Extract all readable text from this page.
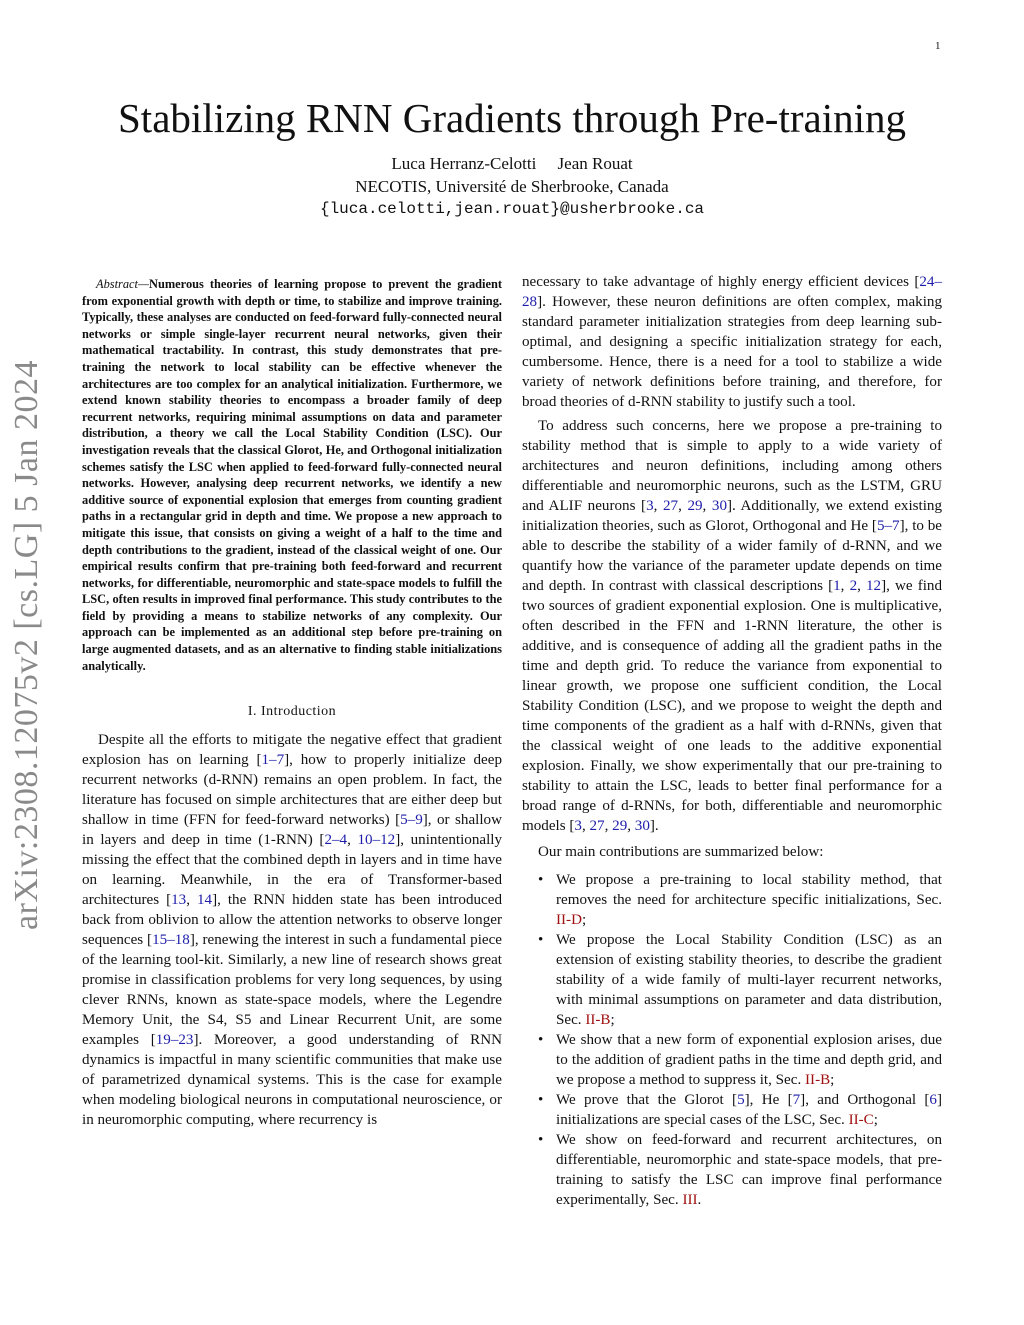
1
arXiv:2308.12075v2 [cs.LG] 5 Jan 2024
Stabilizing RNN Gradients through Pre-training
Luca Herranz-Celotti     Jean Rouat
NECOTIS, Université de Sherbrooke, Canada
{luca.celotti,jean.rouat}@usherbrooke.ca

Abstract—Numerous theories of learning propose to prevent the gradient from exponential growth with depth or time, to stabilize and improve training. Typically, these analyses are conducted on feed-forward fully-connected neural networks or simple single-layer recurrent neural networks, given their mathematical tractability. In contrast, this study demonstrates that pre-training the network to local stability can be effective whenever the architectures are too complex for an analytical initialization. Furthermore, we extend known stability theories to encompass a broader family of deep recurrent networks, requiring minimal assumptions on data and parameter distribution, a theory we call the Local Stability Condition (LSC). Our investigation reveals that the classical Glorot, He, and Orthogonal initialization schemes satisfy the LSC when applied to feed-forward fully-connected neural networks. However, analysing deep recurrent networks, we identify a new additive source of exponential explosion that emerges from counting gradient paths in a rectangular grid in depth and time. We propose a new approach to mitigate this issue, that consists on giving a weight of a half to the time and depth contributions to the gradient, instead of the classical weight of one. Our empirical results confirm that pre-training both feed-forward and recurrent networks, for differentiable, neuromorphic and state-space models to fulfill the LSC, often results in improved final performance. This study contributes to the field by providing a means to stabilize networks of any complexity. Our approach can be implemented as an additional step before pre-training on large augmented datasets, and as an alternative to finding stable initializations analytically.

I. Introduction

Despite all the efforts to mitigate the negative effect that gradient explosion has on learning [1–7], how to properly initialize deep recurrent networks (d-RNN) remains an open problem. In fact, the literature has focused on simple architectures that are either deep but shallow in time (FFN for feed-forward networks) [5–9], or shallow in layers and deep in time (1-RNN) [2–4, 10–12], unintentionally missing the effect that the combined depth in layers and in time have on learning. Meanwhile, in the era of Transformer-based architectures [13, 14], the RNN hidden state has been introduced back from oblivion to allow the attention networks to observe longer sequences [15–18], renewing the interest in such a fundamental piece of the learning tool-kit. Similarly, a new line of research shows great promise in classification problems for very long sequences, by using clever RNNs, known as state-space models, where the Legendre Memory Unit, the S4, S5 and Linear Recurrent Unit, are some examples [19–23]. Moreover, a good understanding of RNN dynamics is impactful in many scientific communities that make use of parametrized dynamical systems. This is the case for example when modeling biological neurons in computational neuroscience, or in neuromorphic computing, where recurrency is

necessary to take advantage of highly energy efficient devices [24–28]. However, these neuron definitions are often complex, making standard parameter initialization strategies from deep learning sub-optimal, and designing a specific initialization strategy for each, cumbersome. Hence, there is a need for a tool to stabilize a wide variety of network definitions before training, and therefore, for broad theories of d-RNN stability to justify such a tool.

To address such concerns, here we propose a pre-training to stability method that is simple to apply to a wide variety of architectures and neuron definitions, including among others differentiable and neuromorphic neurons, such as the LSTM, GRU and ALIF neurons [3, 27, 29, 30]. Additionally, we extend existing initialization theories, such as Glorot, Orthogonal and He [5–7], to be able to describe the stability of a wider family of d-RNN, and we quantify how the variance of the parameter update depends on time and depth. In contrast with classical descriptions [1, 2, 12], we find two sources of gradient exponential explosion. One is multiplicative, often described in the FFN and 1-RNN literature, the other is additive, and is consequence of adding all the gradient paths in the time and depth grid. To reduce the variance from exponential to linear growth, we propose one sufficient condition, the Local Stability Condition (LSC), and we propose to weight the depth and time components of the gradient as a half with d-RNNs, given that the classical weight of one leads to the additive exponential explosion. Finally, we show experimentally that our pre-training to stability to attain the LSC, leads to better final performance for a broad range of d-RNNs, for both, differentiable and neuromorphic models [3, 27, 29, 30].

Our main contributions are summarized below:

• We propose a pre-training to local stability method, that removes the need for architecture specific initializations, Sec. II-D;
• We propose the Local Stability Condition (LSC) as an extension of existing stability theories, to describe the gradient stability of a wide family of multi-layer recurrent networks, with minimal assumptions on parameter and data distribution, Sec. II-B;
• We show that a new form of exponential explosion arises, due to the addition of gradient paths in the time and depth grid, and we propose a method to suppress it, Sec. II-B;
• We prove that the Glorot [5], He [7], and Orthogonal [6] initializations are special cases of the LSC, Sec. II-C;
• We show on feed-forward and recurrent architectures, on differentiable, neuromorphic and state-space models, that pre-training to satisfy the LSC can improve final performance experimentally, Sec. III.
